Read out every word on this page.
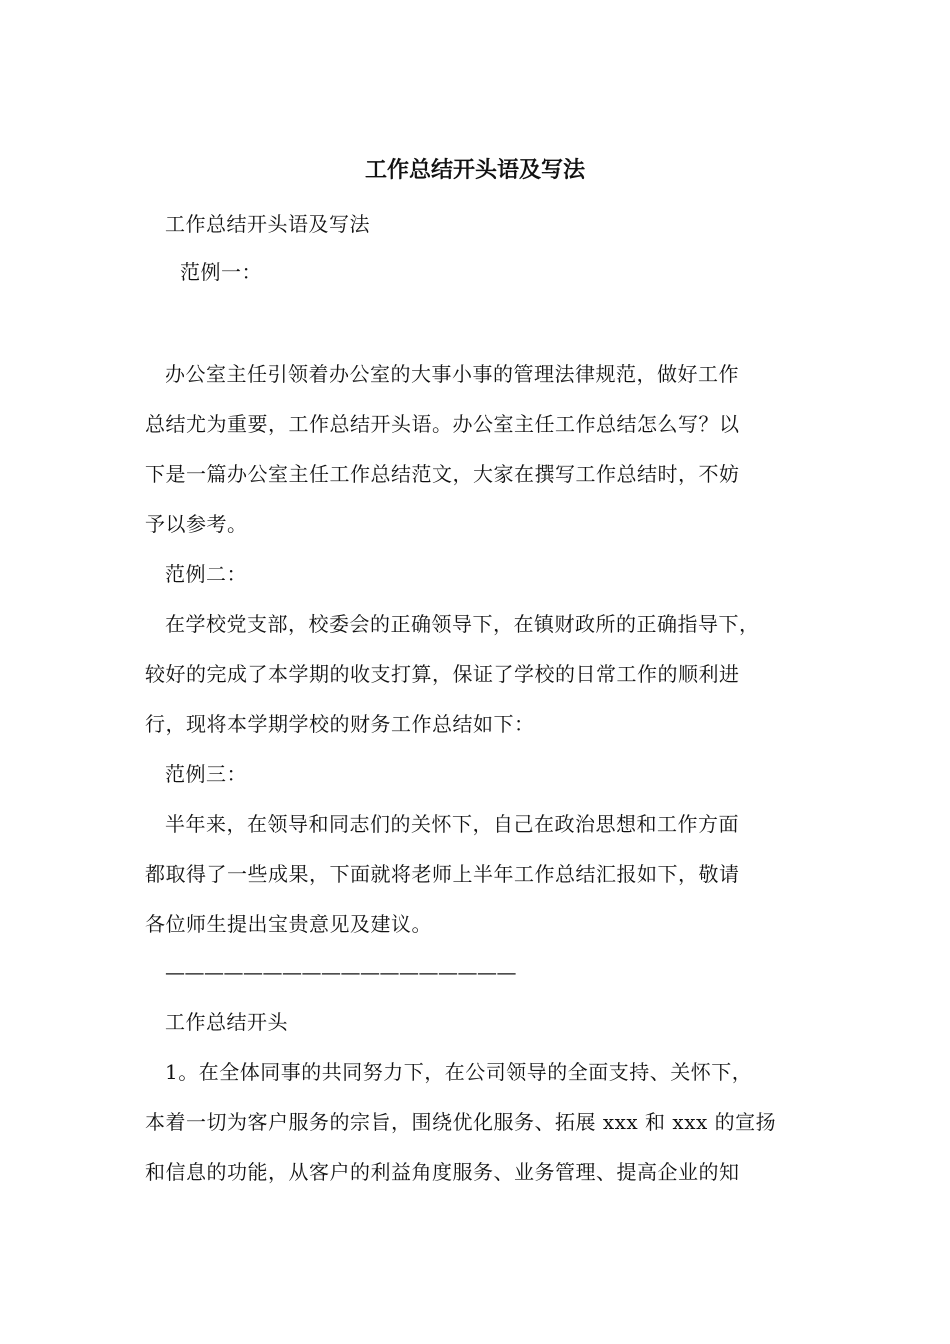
工作总结开头语及写法
工作总结开头语及写法
范例一：
办公室主任引领着办公室的大事小事的管理法律规范，做好工作
总结尤为重要，工作总结开头语。办公室主任工作总结怎么写？以
下是一篇办公室主任工作总结范文，大家在撰写工作总结时，不妨
予以参考。
范例二：
在学校党支部，校委会的正确领导下，在镇财政所的正确指导下，
较好的完成了本学期的收支打算，保证了学校的日常工作的顺利进
行，现将本学期学校的财务工作总结如下：
范例三：
半年来，在领导和同志们的关怀下，自己在政治思想和工作方面
都取得了一些成果，下面就将老师上半年工作总结汇报如下，敬请
各位师生提出宝贵意见及建议。
——————————————————
工作总结开头
1。在全体同事的共同努力下，在公司领导的全面支持、关怀下，
本着一切为客户服务的宗旨，围绕优化服务、拓展 xxx 和 xxx 的宣扬
和信息的功能，从客户的利益角度服务、业务管理、提高企业的知
